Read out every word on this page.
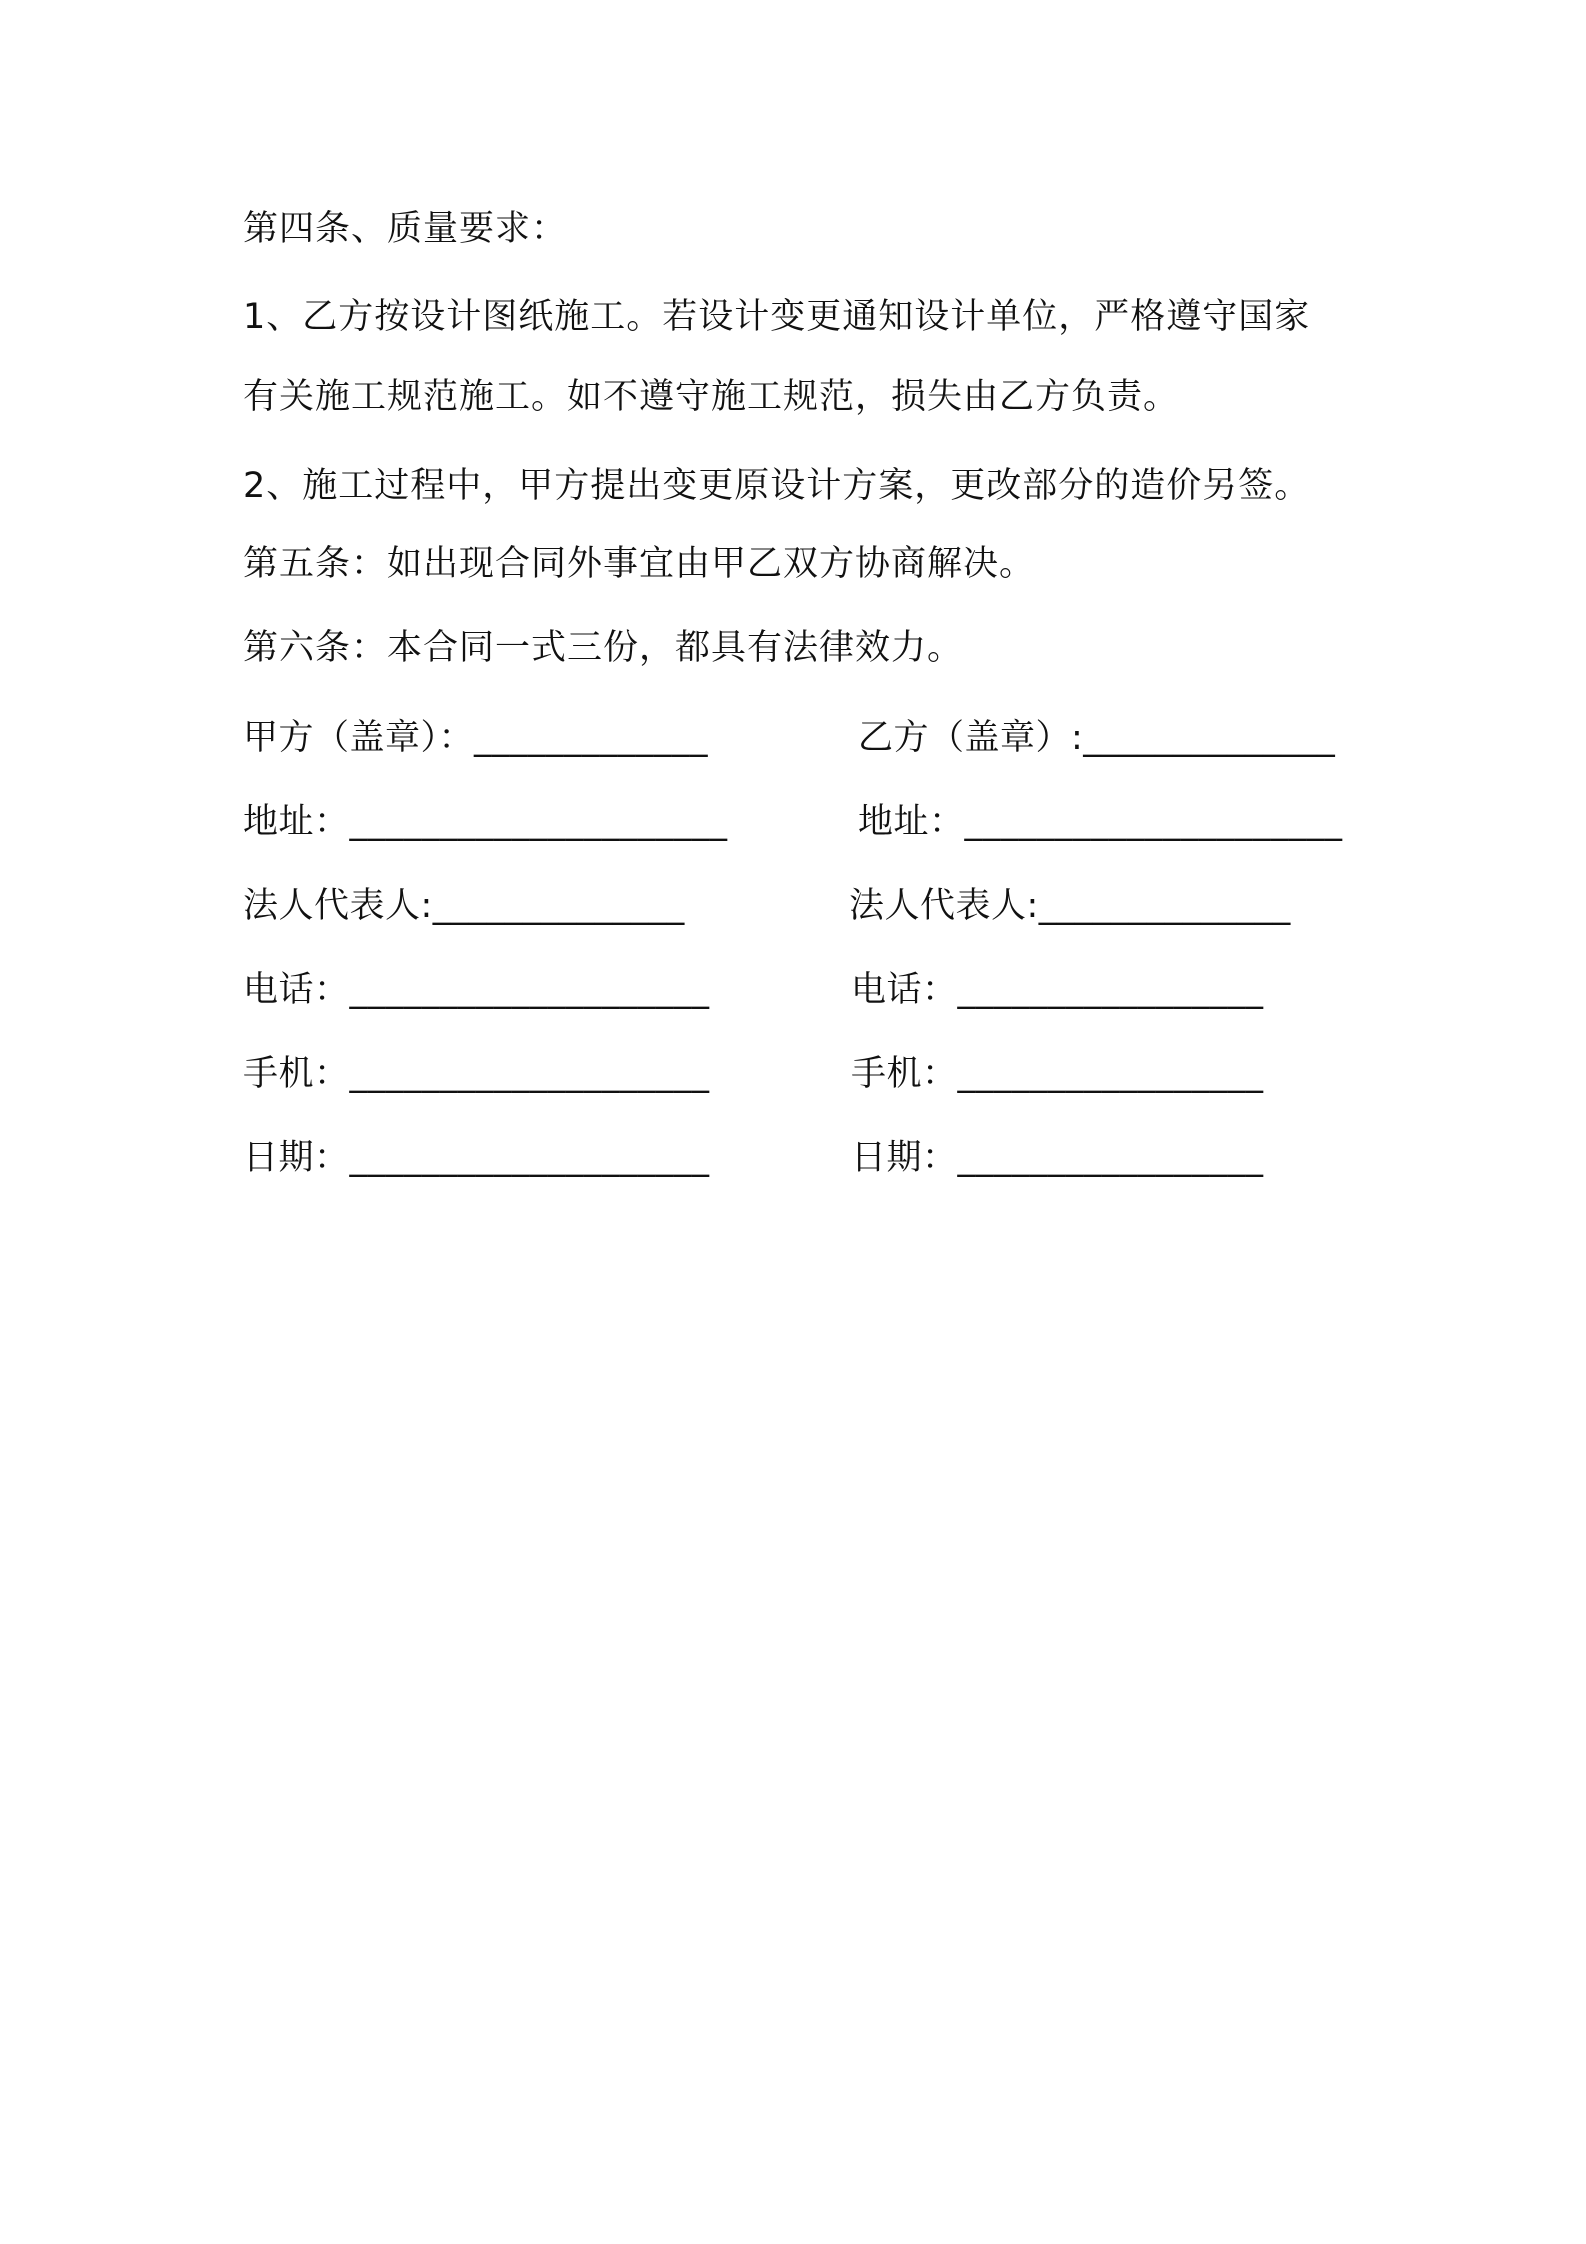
第四条、质量要求：
1、乙方按设计图纸施工。若设计变更通知设计单位，严格遵守国家
有关施工规范施工。如不遵守施工规范，损失由乙方负责。
2、施工过程中，甲方提出变更原设计方案，更改部分的造价另签。
第五条：如出现合同外事宜由甲乙双方协商解决。
第六条：本合同一式三份，都具有法律效力。
甲方（盖章）：_____________
地址：_____________________
法人代表人:______________
电话：____________________
手机：____________________
日期：____________________
乙方（盖章）:______________
地址：_____________________
法人代表人:______________
电话：_________________
手机：_________________
日期：_________________
